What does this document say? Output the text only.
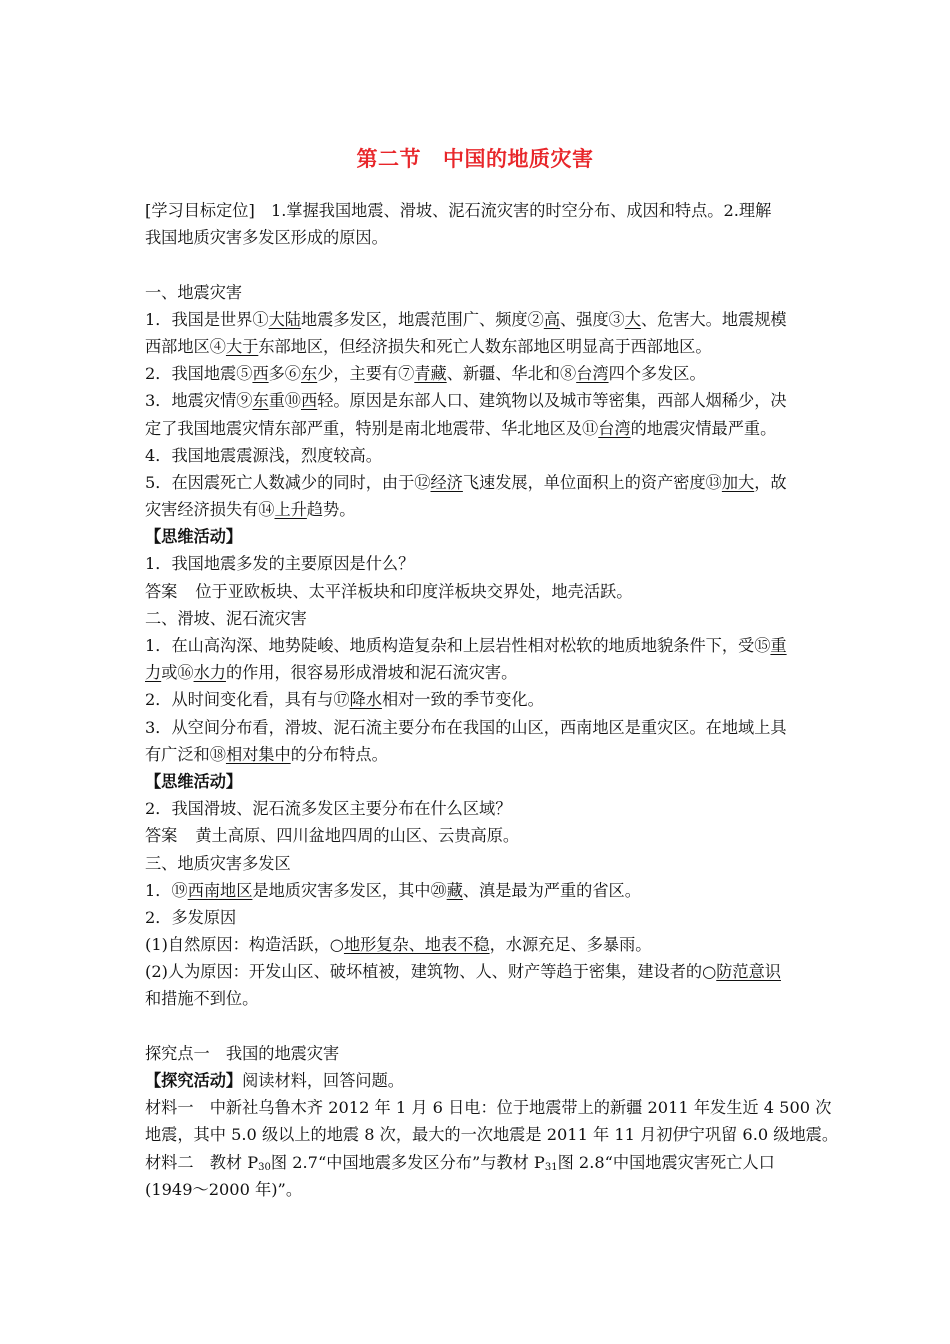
第二节 中国的地质灾害
[学习目标定位]　1.掌握我国地震、滑坡、泥石流灾害的时空分布、成因和特点。2.理解
我国地质灾害多发区形成的原因。
一、地震灾害
1．我国是世界①大陆地震多发区，地震范围广、频度②高、强度③大、危害大。地震规模
西部地区④大于东部地区，但经济损失和死亡人数东部地区明显高于西部地区。
2．我国地震⑤西多⑥东少，主要有⑦青藏、新疆、华北和⑧台湾四个多发区。
3．地震灾情⑨东重⑩西轻。原因是东部人口、建筑物以及城市等密集，西部人烟稀少，决
定了我国地震灾情东部严重，特别是南北地震带、华北地区及⑪台湾的地震灾情最严重。
4．我国地震震源浅，烈度较高。
5．在因震死亡人数减少的同时，由于⑫经济飞速发展，单位面积上的资产密度⑬加大，故
灾害经济损失有⑭上升趋势。
【思维活动】
1．我国地震多发的主要原因是什么？
答案 位于亚欧板块、太平洋板块和印度洋板块交界处，地壳活跃。
二、滑坡、泥石流灾害
1．在山高沟深、地势陡峻、地质构造复杂和上层岩性相对松软的地质地貌条件下，受⑮重
力或⑯水力的作用，很容易形成滑坡和泥石流灾害。
2．从时间变化看，具有与⑰降水相对一致的季节变化。
3．从空间分布看，滑坡、泥石流主要分布在我国的山区，西南地区是重灾区。在地域上具
有广泛和⑱相对集中的分布特点。
【思维活动】
2．我国滑坡、泥石流多发区主要分布在什么区域？
答案 黄土高原、四川盆地四周的山区、云贵高原。
三、地质灾害多发区
1．⑲西南地区是地质灾害多发区，其中⑳藏、滇是最为严重的省区。
2．多发原因
(1)自然原因：构造活跃，○地形复杂、地表不稳，水源充足、多暴雨。
(2)人为原因：开发山区、破坏植被，建筑物、人、财产等趋于密集，建设者的○防范意识
和措施不到位。
探究点一　我国的地震灾害
【探究活动】阅读材料，回答问题。
材料一　中新社乌鲁木齐 2012 年 1 月 6 日电：位于地震带上的新疆 2011 年发生近 4 500 次
地震，其中 5.0 级以上的地震 8 次，最大的一次地震是 2011 年 11 月初伊宁巩留 6.0 级地震。
材料二　教材 $P_{30}$图 2.7“中国地震多发区分布”与教材 $P_{31}$图 2.8“中国地震灾害死亡人口
(1949～2000 年)”。
